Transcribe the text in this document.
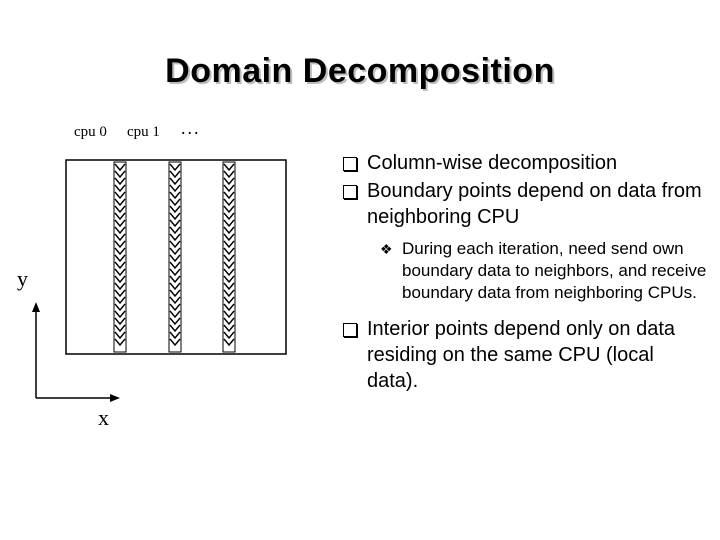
Domain Decomposition
cpu 0 cpu 1 ...
y
x
Column-wise decomposition
Boundary points depend on data from neighboring CPU
❖ During each iteration, need send own boundary data to neighbors, and receive boundary data from neighboring CPUs.
Interior points depend only on data residing on the same CPU (local data).
